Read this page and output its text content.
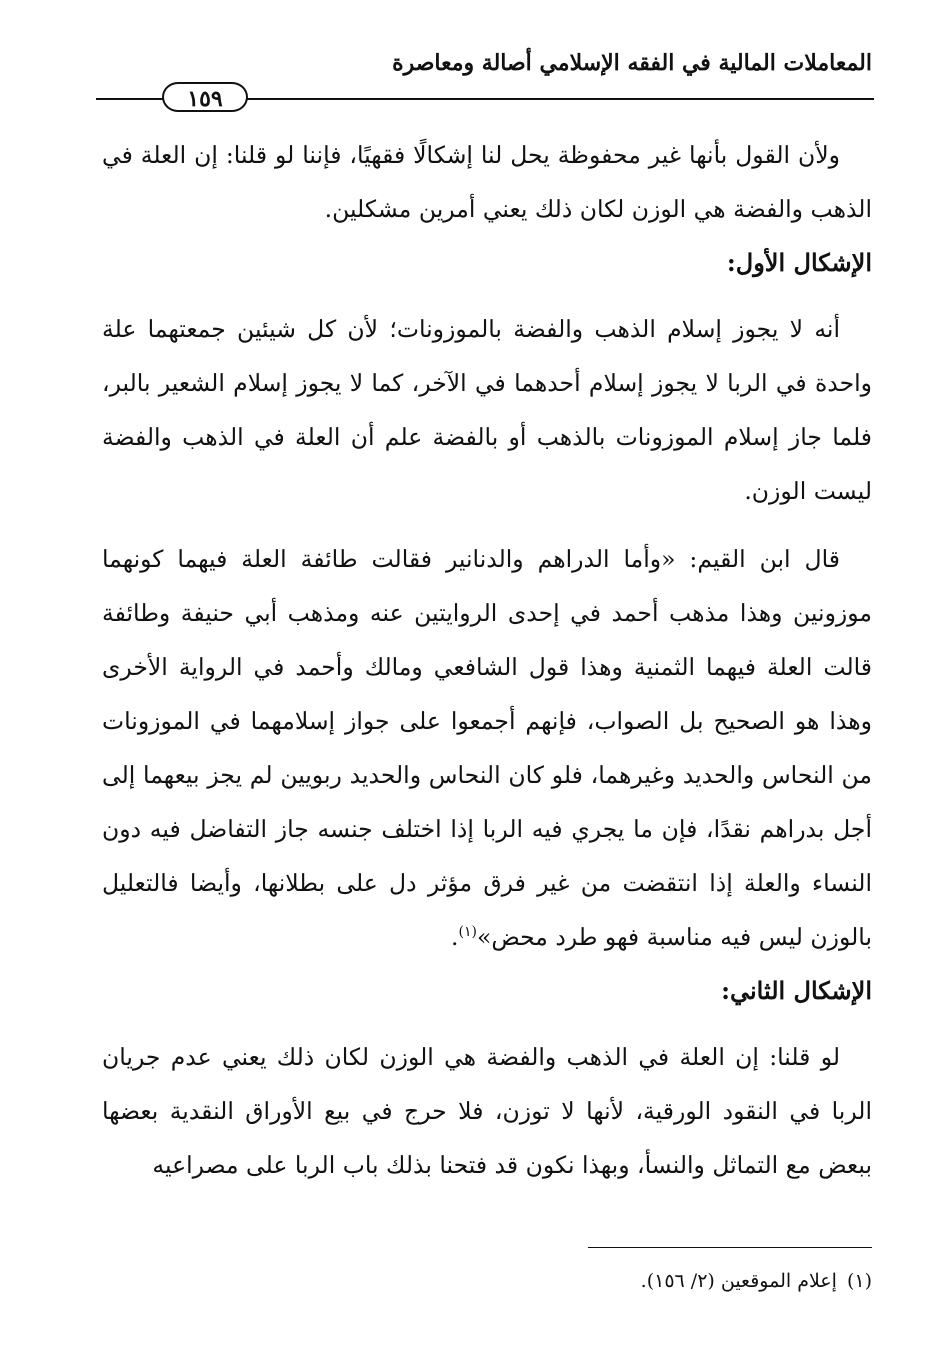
المعاملات المالية في الفقه الإسلامي أصالة ومعاصرة
١٥٩

ولأن القول بأنها غير محفوظة يحل لنا إشكالًا فقهيًا، فإننا لو قلنا: إن العلة في الذهب والفضة هي الوزن لكان ذلك يعني أمرين مشكلين.

الإشكال الأول:

أنه لا يجوز إسلام الذهب والفضة بالموزونات؛ لأن كل شيئين جمعتهما علة واحدة في الربا لا يجوز إسلام أحدهما في الآخر، كما لا يجوز إسلام الشعير بالبر، فلما جاز إسلام الموزونات بالذهب أو بالفضة علم أن العلة في الذهب والفضة ليست الوزن.

قال ابن القيم: «وأما الدراهم والدنانير فقالت طائفة العلة فيهما كونهما موزونين وهذا مذهب أحمد في إحدى الروايتين عنه ومذهب أبي حنيفة وطائفة قالت العلة فيهما الثمنية وهذا قول الشافعي ومالك وأحمد في الرواية الأخرى وهذا هو الصحيح بل الصواب، فإنهم أجمعوا على جواز إسلامهما في الموزونات من النحاس والحديد وغيرهما، فلو كان النحاس والحديد ربويين لم يجز بيعهما إلى أجل بدراهم نقدًا، فإن ما يجري فيه الربا إذا اختلف جنسه جاز التفاضل فيه دون النساء والعلة إذا انتقضت من غير فرق مؤثر دل على بطلانها، وأيضا فالتعليل بالوزن ليس فيه مناسبة فهو طرد محض»$^{(١)}$.

الإشكال الثاني:

لو قلنا: إن العلة في الذهب والفضة هي الوزن لكان ذلك يعني عدم جريان الربا في النقود الورقية، لأنها لا توزن، فلا حرج في بيع الأوراق النقدية بعضها ببعض مع التماثل والنسأ، وبهذا نكون قد فتحنا بذلك باب الربا على مصراعيه

(١)إعلام الموقعين (٢/ ١٥٦).
